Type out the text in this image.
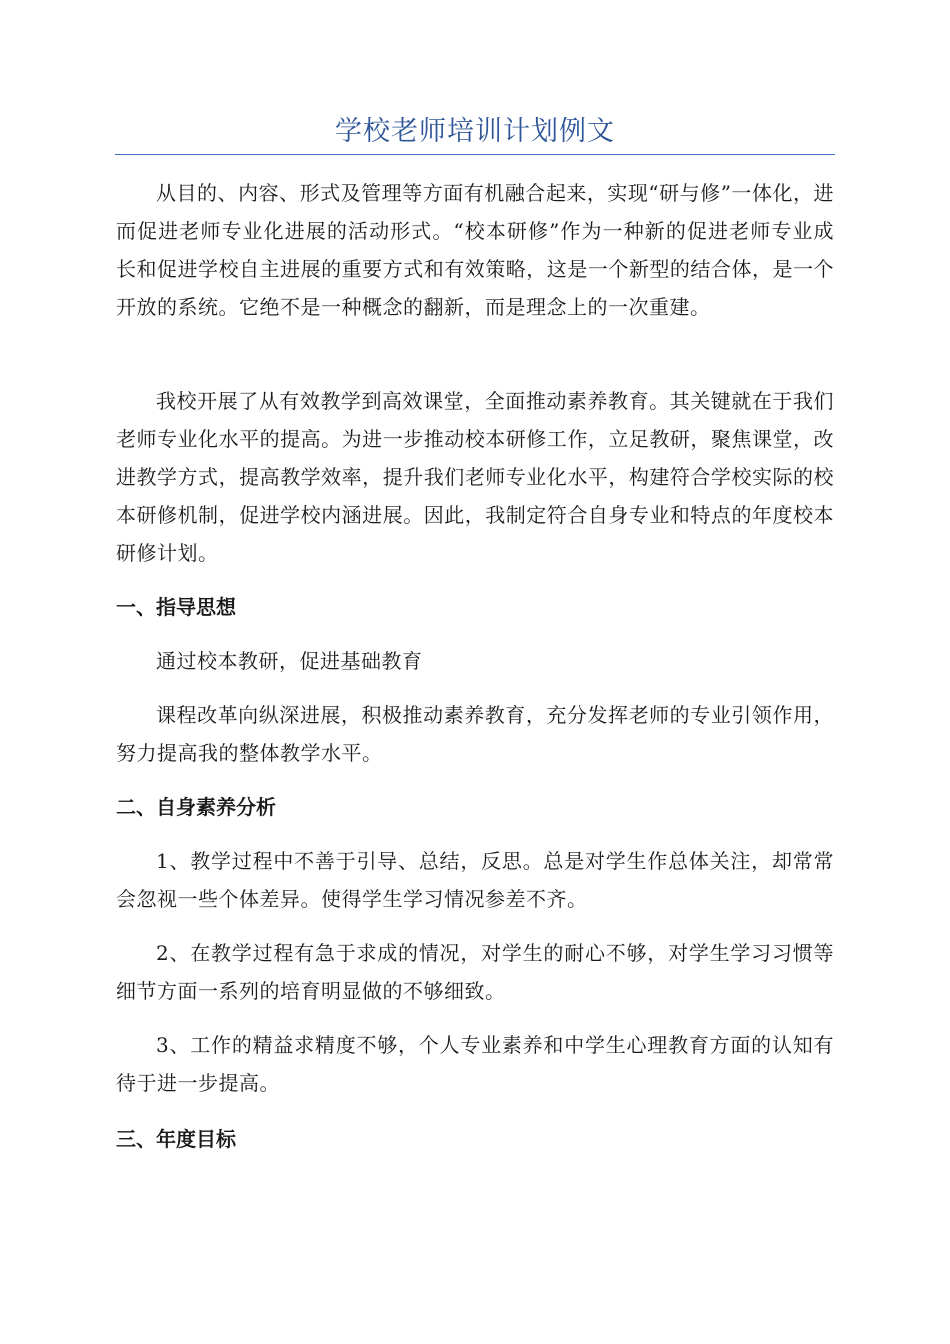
学校老师培训计划例文
从目的、内容、形式及管理等方面有机融合起来，实现“研与修”一体化，进而促进老师专业化进展的活动形式。“校本研修”作为一种新的促进老师专业成长和促进学校自主进展的重要方式和有效策略，这是一个新型的结合体，是一个开放的系统。它绝不是一种概念的翻新，而是理念上的一次重建。
我校开展了从有效教学到高效课堂，全面推动素养教育。其关键就在于我们老师专业化水平的提高。为进一步推动校本研修工作，立足教研，聚焦课堂，改进教学方式，提高教学效率，提升我们老师专业化水平，构建符合学校实际的校本研修机制，促进学校内涵进展。因此，我制定符合自身专业和特点的年度校本研修计划。
一、指导思想
通过校本教研，促进基础教育
课程改革向纵深进展，积极推动素养教育，充分发挥老师的专业引领作用，努力提高我的整体教学水平。
二、自身素养分析
1、教学过程中不善于引导、总结，反思。总是对学生作总体关注，却常常会忽视一些个体差异。使得学生学习情况参差不齐。
2、在教学过程有急于求成的情况，对学生的耐心不够，对学生学习习惯等细节方面一系列的培育明显做的不够细致。
3、工作的精益求精度不够，个人专业素养和中学生心理教育方面的认知有待于进一步提高。
三、年度目标
